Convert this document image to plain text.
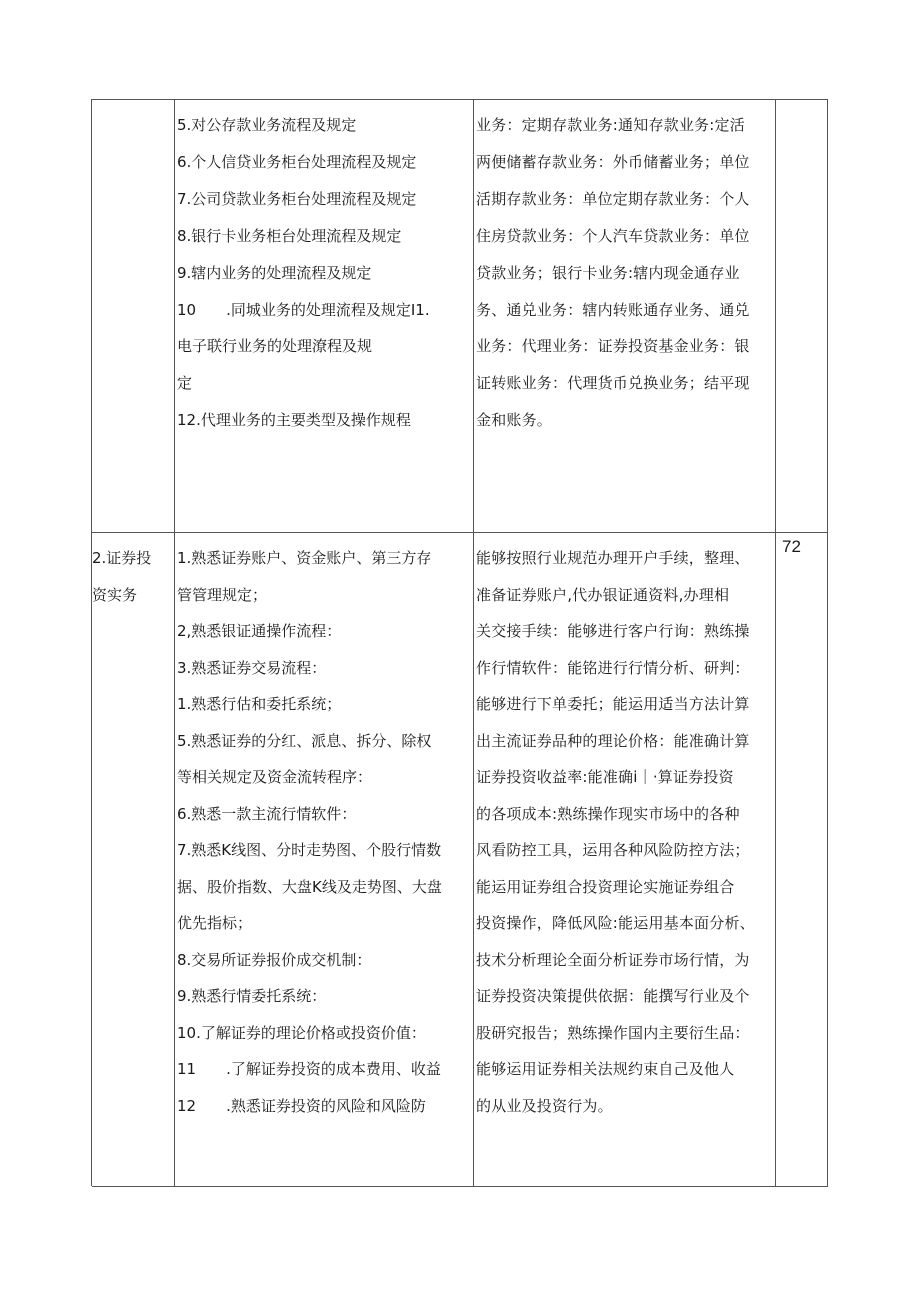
5.对公存款业务流程及规定
6.个人信贷业务柜台处理流程及规定
7.公司贷款业务柜台处理流程及规定
8.银行卡业务柜台处理流程及规定
9.辖内业务的处理流程及规定
10　　.同城业务的处理流程及规定I1.
电子联行业务的处理潦程及规
定
12.代理业务的主要类型及操作规程
业务：定期存款业务:通知存款业务:定活
两便储蓄存款业务：外币储蓄业务；单位
活期存款业务：单位定期存款业务：个人
住房贷款业务：个人汽车贷款业务：单位
贷款业务；银行卡业务:辖内现金通存业
务、通兑业务：辖内转账通存业务、通兑
业务：代理业务：证券投资基金业务：银
证转账业务：代理货币兑换业务；结平现
金和账务。
2.证券投
资实务
1.熟悉证券账户、资金账户、第三方存
管管理规定；
2,熟悉银证通操作流程：
3.熟悉证券交易流程：
1.熟悉行估和委托系统；
5.熟悉证券的分红、派息、拆分、除权
等相关规定及资金流转程序：
6.熟悉一款主流行情软件：
7.熟悉K线图、分时走势图、个股行情数
据、股价指数、大盘K线及走势图、大盘
优先指标；
8.交易所证券报价成交机制：
9.熟悉行情委托系统：
10.了解证券的理论价格或投资价值：
11　　.了解证券投资的成本费用、收益
12　　.熟悉证券投资的风险和风险防
能够按照行业规范办理开户手续，整理、
准备证券账户,代办银证通资料,办理相
关交接手续：能够进行客户行询：熟练操
作行情软件：能铭进行行情分析、研判：
能够进行下单委托；能运用适当方法计算
出主流证券品种的理论价格：能准确计算
证券投资收益率:能准确i｜·算证券投资
的各项成本:熟练操作现实市场中的各种
风看防控工具，运用各种风险防控方法；
能运用证券组合投资理论实施证券组合
投资操作，降低风险:能运用基本面分析、
技术分析理论全面分析证券市场行情，为
证券投资决策提供依据：能撰写行业及个
股研究报告；熟练操作国内主要衍生品：
能够运用证券相关法规约束自己及他人
的从业及投资行为。
72
